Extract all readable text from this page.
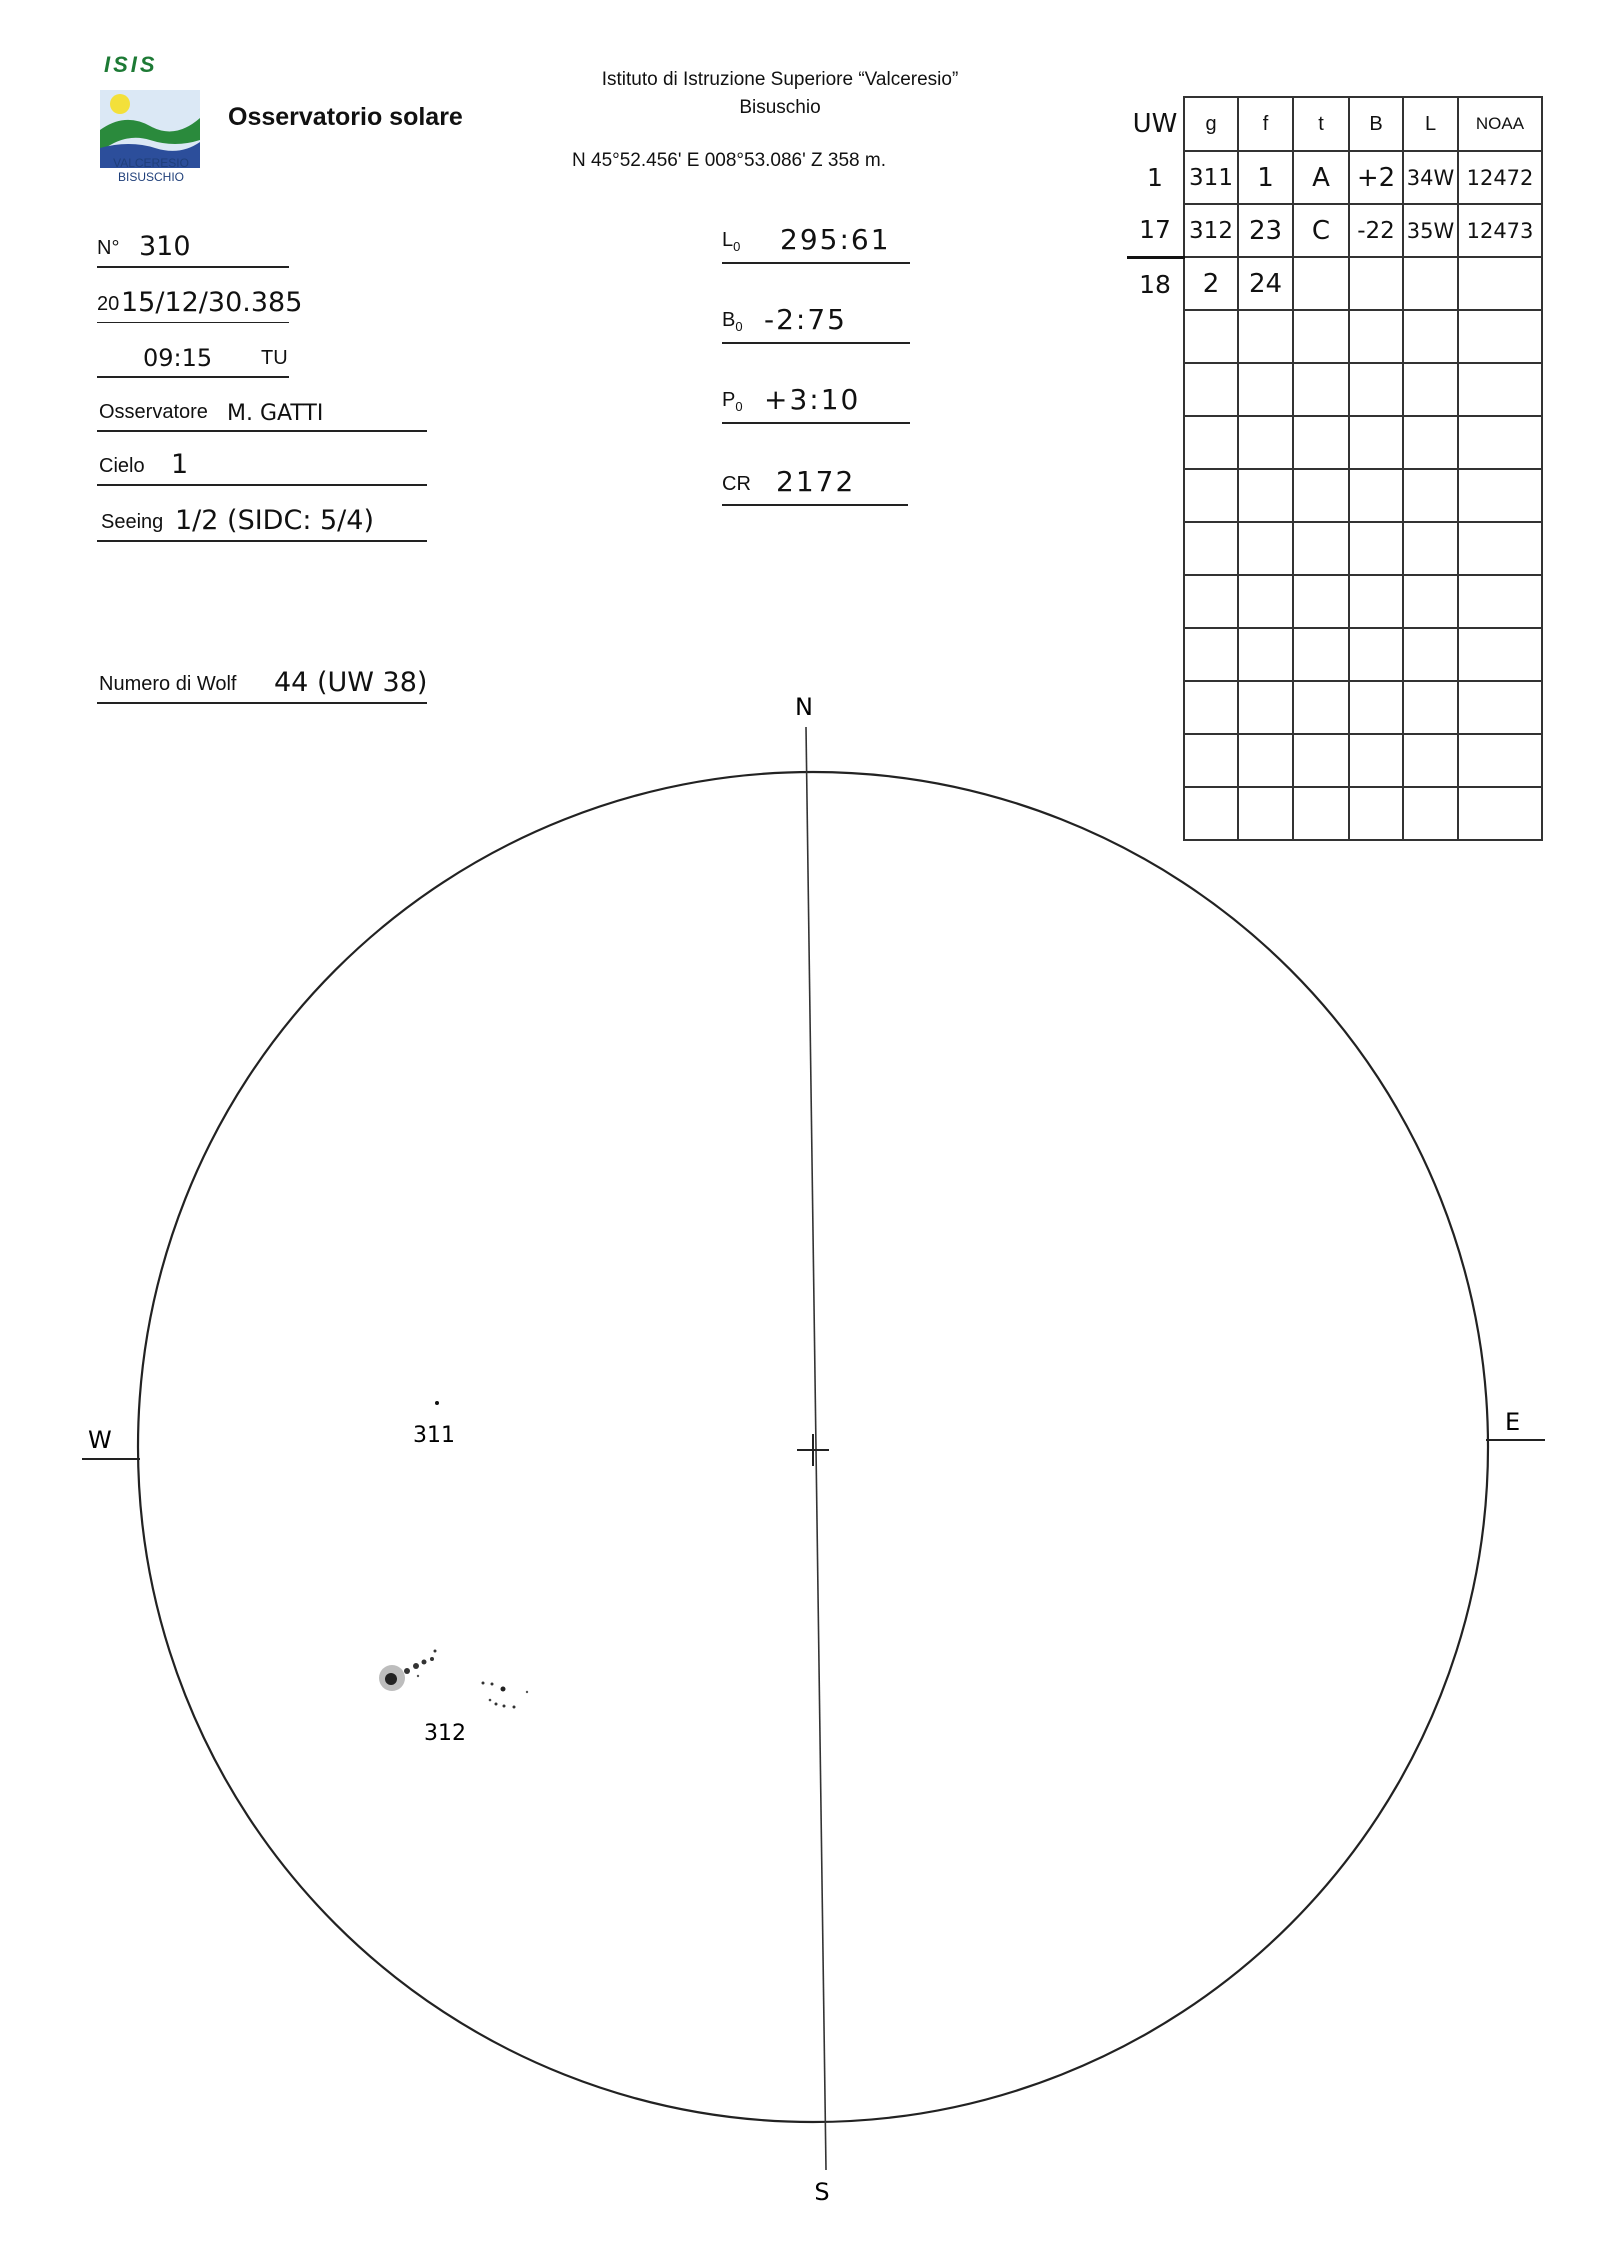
ISIS
VALCERESIO
BISUSCHIO
Osservatorio solare
Istituto di Istruzione Superiore “Valceresio”
Bisuschio
N 45°52.456' E 008°53.086' Z 358 m.
N° 310
20 15/12/30.385
09:15 TU
Osservatore M. GATTI
Cielo 1
Seeing 1/2 (SIDC: 5/4)
Numero di Wolf 44 (UW 38)
$L_0$ 295:61
$B_0$ -2:75
$P_0$ +3:10
CR 2172
UW	g	f	t	B	L	NOAA
1	311	1	A	+2	34W	12472
17	312	23	C	-22	35W	12473
18	2	24				

N
S
W
E
311
312
